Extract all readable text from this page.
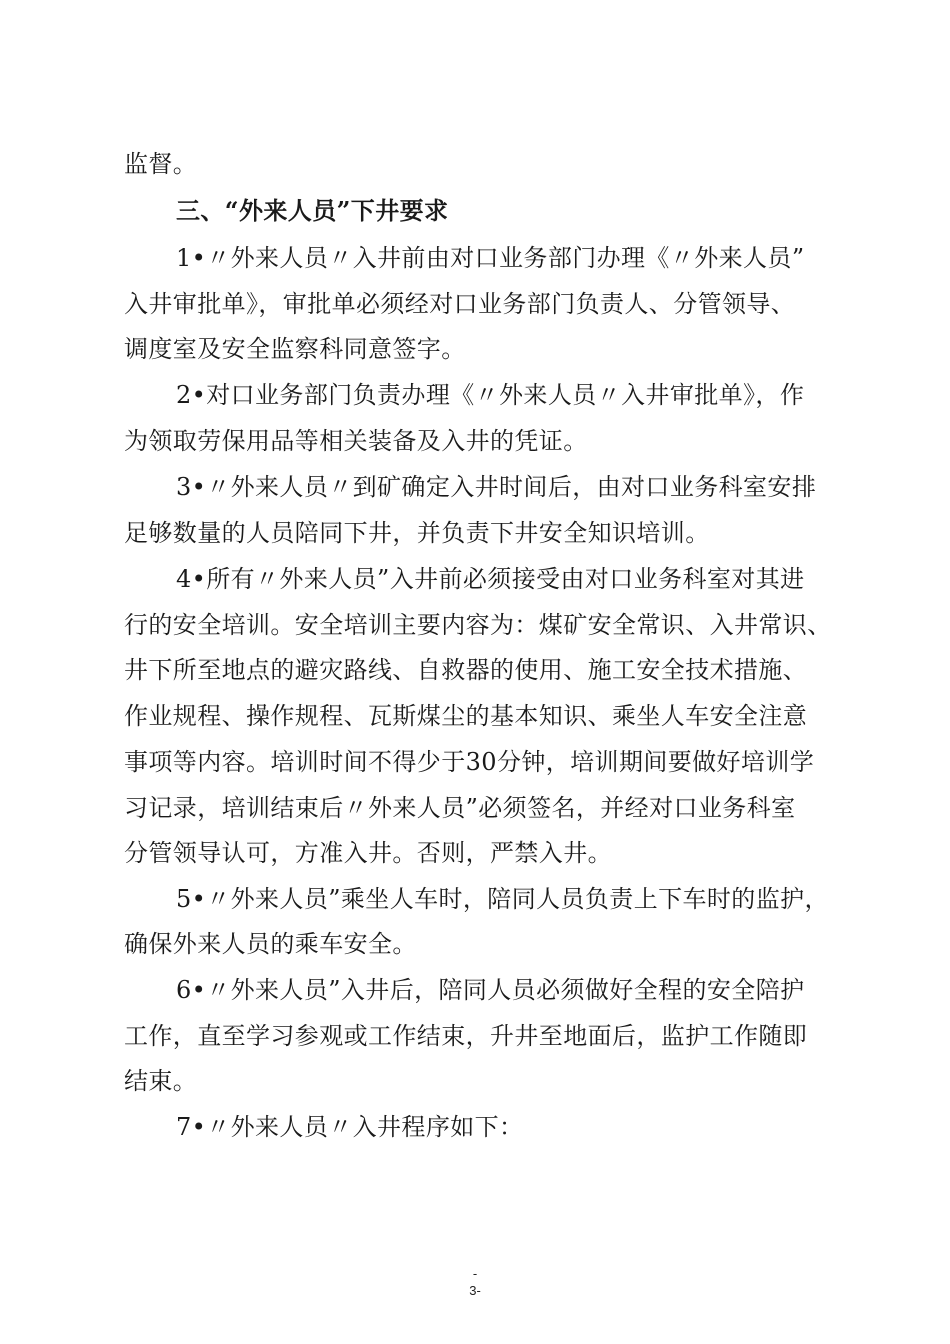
监督。
三、“外来人员”下井要求
1•〃外来人员〃入井前由对口业务部门办理《〃外来人员”
入井审批单》，审批单必须经对口业务部门负责人、分管领导、
调度室及安全监察科同意签字。
2•对口业务部门负责办理《〃外来人员〃入井审批单》，作
为领取劳保用品等相关装备及入井的凭证。
3•〃外来人员〃到矿确定入井时间后，由对口业务科室安排
足够数量的人员陪同下井，并负责下井安全知识培训。
4•所有〃外来人员”入井前必须接受由对口业务科室对其进
行的安全培训。安全培训主要内容为：煤矿安全常识、入井常识、
井下所至地点的避灾路线、自救器的使用、施工安全技术措施、
作业规程、操作规程、瓦斯煤尘的基本知识、乘坐人车安全注意
事项等内容。培训时间不得少于30分钟，培训期间要做好培训学
习记录，培训结束后〃外来人员”必须签名，并经对口业务科室
分管领导认可，方准入井。否则，严禁入井。
5•〃外来人员”乘坐人车时，陪同人员负责上下车时的监护，
确保外来人员的乘车安全。
6•〃外来人员”入井后，陪同人员必须做好全程的安全陪护
工作，直至学习参观或工作结束，升井至地面后，监护工作随即
结束。
7•〃外来人员〃入井程序如下：
-
3-
